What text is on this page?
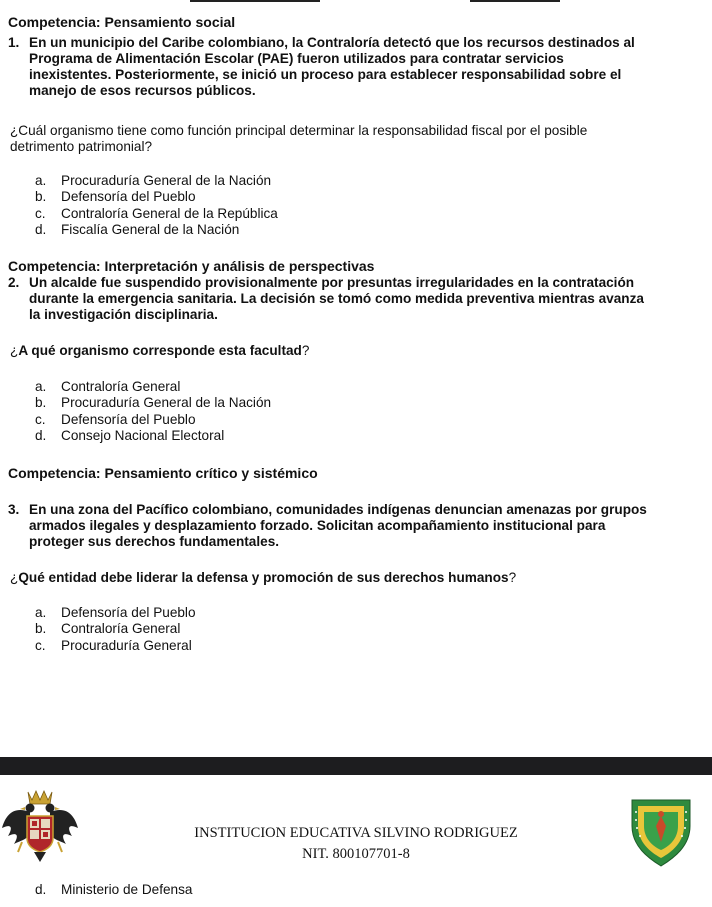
Competencia: Pensamiento social
1. En un municipio del Caribe colombiano, la Contraloría detectó que los recursos destinados al
Programa de Alimentación Escolar (PAE) fueron utilizados para contratar servicios
inexistentes. Posteriormente, se inició un proceso para establecer responsabilidad sobre el
manejo de esos recursos públicos.
¿Cuál organismo tiene como función principal determinar la responsabilidad fiscal por el posible
detrimento patrimonial?
a. Procuraduría General de la Nación
b. Defensoría del Pueblo
c. Contraloría General de la República
d. Fiscalía General de la Nación
Competencia: Interpretación y análisis de perspectivas
2. Un alcalde fue suspendido provisionalmente por presuntas irregularidades en la contratación
durante la emergencia sanitaria. La decisión se tomó como medida preventiva mientras avanza
la investigación disciplinaria.
¿A qué organismo corresponde esta facultad?
a. Contraloría General
b. Procuraduría General de la Nación
c. Defensoría del Pueblo
d. Consejo Nacional Electoral
Competencia: Pensamiento crítico y sistémico
3. En una zona del Pacífico colombiano, comunidades indígenas denuncian amenazas por grupos
armados ilegales y desplazamiento forzado. Solicitan acompañamiento institucional para
proteger sus derechos fundamentales.
¿Qué entidad debe liderar la defensa y promoción de sus derechos humanos?
a. Defensoría del Pueblo
b. Contraloría General
c. Procuraduría General
INSTITUCION EDUCATIVA SILVINO RODRIGUEZ
NIT. 800107701-8
d. Ministerio de Defensa
